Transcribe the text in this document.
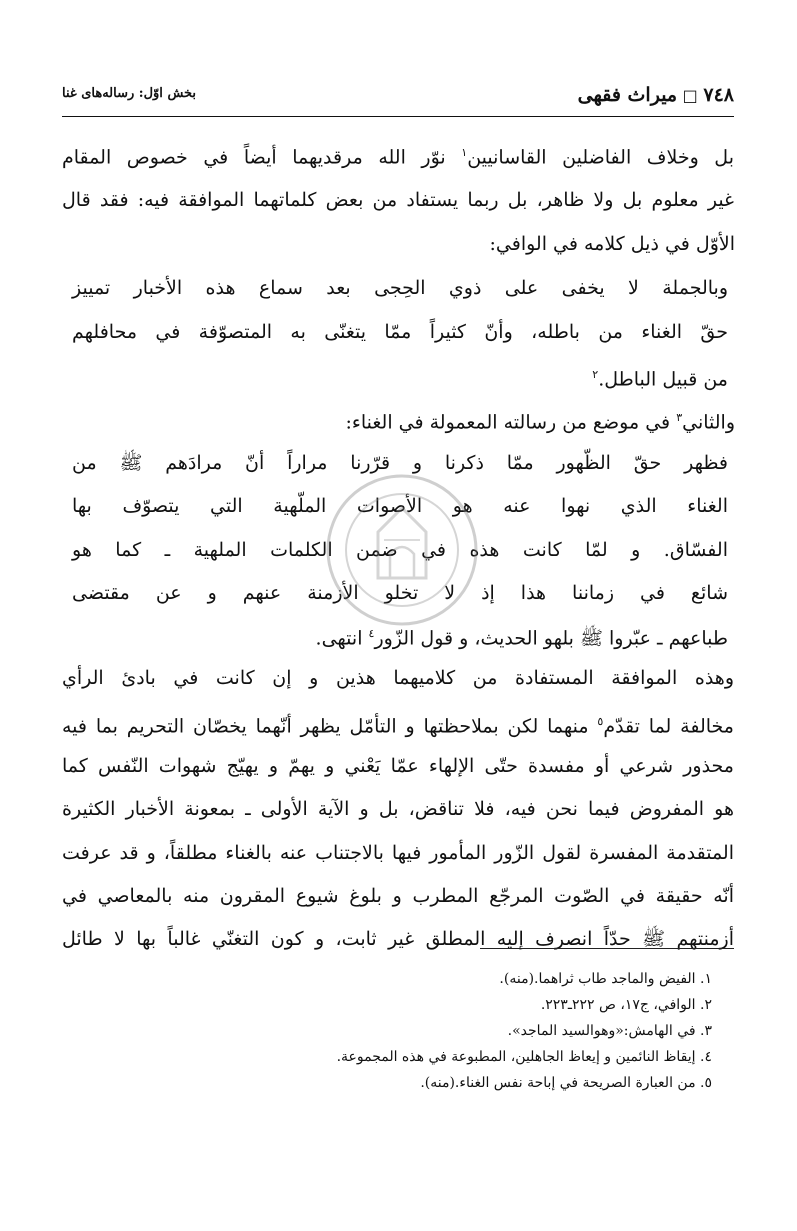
٧٤٨ □ میراث فقهی
بخش اوّل: رساله‌های غنا
بل وخلاف الفاضلين القاسانيين$^١$ نوّر الله مرقديهما أيضاً في خصوص المقام
غير معلوم بل ولا ظاهر، بل ربما يستفاد من بعض كلماتهما الموافقة فيه: فقد قال
الأوّل في ذيل كلامه في الوافي:
وبالجملة لا يخفى على ذوي الحِجى بعد سماع هذه الأخبار تمييز
حقّ الغناء من باطله، وأنّ كثيراً ممّا يتغنّى به المتصوّفة في محافلهم
من قبيل الباطل.$^٢$
والثاني$^٣$ في موضع من رسالته المعمولة في الغناء:
فظهر حقّ الظّهور ممّا ذكرنا و قرّرنا مراراً أنّ مرادَهم ﷺ من
الغناء الذي نهوا عنه هو الأصوات الملّهية التي يتصوّف بها
الفسّاق. و لمّا كانت هذه في ضمن الكلمات الملهية ـ كما هو
شائع في زماننا هذا إذ لا تخلو الأزمنة عنهم و عن مقتضى
طباعهم ـ عبّروا ﷺ بلهو الحديث، و قول الزّور$^٤$ انتهى.
وهذه الموافقة المستفادة من كلاميهما هذين و إن كانت في بادئ الرأي
مخالفة لما تقدّم$^٥$ منهما لكن بملاحظتها و التأمّل يظهر أنّهما يخصّان التحريم بما فيه
محذور شرعي أو مفسدة حتّى الإلهاء عمّا يَعْني و يهمّ و يهيّج شهوات النّفس كما
هو المفروض فيما نحن فيه، فلا تناقض، بل و الآية الأولى ـ بمعونة الأخبار الكثيرة
المتقدمة المفسرة لقول الزّور المأمور فيها بالاجتناب عنه بالغناء مطلقاً، و قد عرفت
أنّه حقيقة في الصّوت المرجّع المطرب و بلوغ شيوع المقرون منه بالمعاصي في
أزمنتهم ﷺ حدّاً انصرف إليه المطلق غير ثابت، و كون التغنّي غالباً بها لا طائل
١. الفيض والماجد طاب ثراهما.(منه).
٢. الوافي، ج١٧، ص ٢٢٢ـ٢٢٣.
٣. في الهامش:«وهوالسيد الماجد».
٤. إيقاظ النائمين و إيعاظ الجاهلين، المطبوعة في هذه المجموعة.
٥. من العبارة الصريحة في إباحة نفس الغناء.(منه).
